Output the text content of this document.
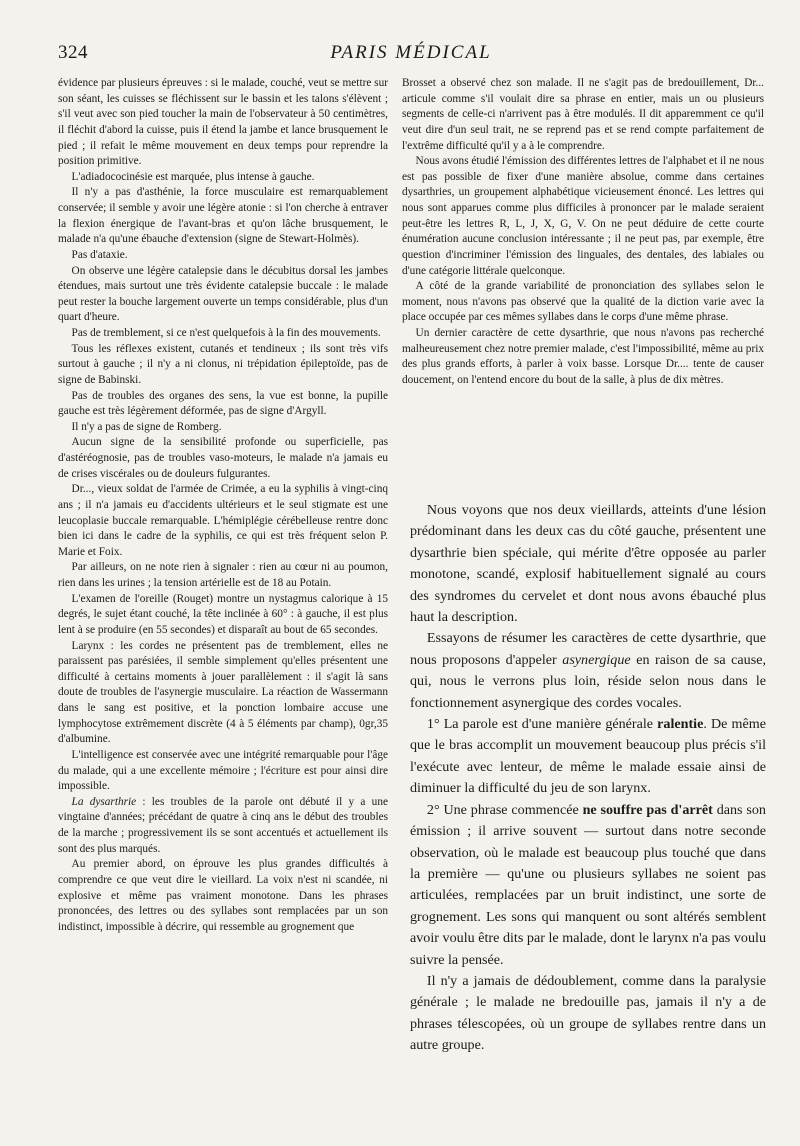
324	PARIS MÉDICAL

évidence par plusieurs épreuves : si le malade, couché, veut se mettre sur son séant, les cuisses se fléchissent sur le bassin et les talons s'élèvent ; s'il veut avec son pied toucher la main de l'observateur à 50 centimètres, il fléchit d'abord la cuisse, puis il étend la jambe et lance brusquement le pied ; il refait le même mouvement en deux temps pour reprendre la position primitive.

L'adiadococinésie est marquée, plus intense à gauche.

Il n'y a pas d'asthénie, la force musculaire est remarquablement conservée; il semble y avoir une légère atonie : si l'on cherche à entraver la flexion énergique de l'avant-bras et qu'on lâche brusquement, le malade n'a qu'une ébauche d'extension (signe de Stewart-Holmès).

Pas d'ataxie.

On observe une légère catalepsie dans le décubitus dorsal les jambes étendues, mais surtout une très évidente catalepsie buccale : le malade peut rester la bouche largement ouverte un temps considérable, plus d'un quart d'heure.

Pas de tremblement, si ce n'est quelquefois à la fin des mouvements.

Tous les réflexes existent, cutanés et tendineux ; ils sont très vifs surtout à gauche ; il n'y a ni clonus, ni trépidation épileptoïde, pas de signe de Babinski.

Pas de troubles des organes des sens, la vue est bonne, la pupille gauche est très légèrement déformée, pas de signe d'Argyll.

Il n'y a pas de signe de Romberg.

Aucun signe de la sensibilité profonde ou superficielle, pas d'astéréognosie, pas de troubles vaso-moteurs, le malade n'a jamais eu de crises viscérales ou de douleurs fulgurantes.

Dr..., vieux soldat de l'armée de Crimée, a eu la syphilis à vingt-cinq ans ; il n'a jamais eu d'accidents ultérieurs et le seul stigmate est une leucoplasie buccale remarquable. L'hémiplégie cérébelleuse rentre donc bien ici dans le cadre de la syphilis, ce qui est très fréquent selon P. Marie et Foix.

Par ailleurs, on ne note rien à signaler : rien au cœur ni au poumon, rien dans les urines ; la tension artérielle est de 18 au Potain.

L'examen de l'oreille (Rouget) montre un nystagmus calorique à 15 degrés, le sujet étant couché, la tête inclinée à 60° : à gauche, il est plus lent à se produire (en 55 secondes) et disparaît au bout de 65 secondes.

Larynx : les cordes ne présentent pas de tremblement, elles ne paraissent pas parésiées, il semble simplement qu'elles présentent une difficulté à certains moments à jouer parallèlement : il s'agit là sans doute de troubles de l'asynergie musculaire. La réaction de Wassermann dans le sang est positive, et la ponction lombaire accuse une lymphocytose extrêmement discrète (4 à 5 éléments par champ), 0gr,35 d'albumine.

L'intelligence est conservée avec une intégrité remarquable pour l'âge du malade, qui a une excellente mémoire ; l'écriture est pour ainsi dire impossible.

La dysarthrie : les troubles de la parole ont débuté il y a une vingtaine d'années; précédant de quatre à cinq ans le début des troubles de la marche ; progressivement ils se sont accentués et actuellement ils sont des plus marqués.

Au premier abord, on éprouve les plus grandes difficultés à comprendre ce que veut dire le vieillard. La voix n'est ni scandée, ni explosive et même pas vraiment monotone. Dans les phrases prononcées, des lettres ou des syllabes sont remplacées par un son indistinct, impossible à décrire, qui ressemble au grognement que

Brosset a observé chez son malade. Il ne s'agit pas de bredouillement, Dr... articule comme s'il voulait dire sa phrase en entier, mais un ou plusieurs segments de celle-ci n'arrivent pas à être modulés. Il dit apparemment ce qu'il veut dire d'un seul trait, ne se reprend pas et se rend compte parfaitement de l'extrême difficulté qu'il y a à le comprendre.

Nous avons étudié l'émission des différentes lettres de l'alphabet et il ne nous est pas possible de fixer d'une manière absolue, comme dans certaines dysarthries, un groupement alphabétique vicieusement énoncé. Les lettres qui nous sont apparues comme plus difficiles à prononcer par le malade seraient peut-être les lettres R, L, J, X, G, V. On ne peut déduire de cette courte énumération aucune conclusion intéressante ; il ne peut pas, par exemple, être question d'incriminer l'émission des linguales, des dentales, des labiales ou d'une catégorie littérale quelconque.

A côté de la grande variabilité de prononciation des syllabes selon le moment, nous n'avons pas observé que la qualité de la diction varie avec la place occupée par ces mêmes syllabes dans le corps d'une même phrase.

Un dernier caractère de cette dysarthrie, que nous n'avons pas recherché malheureusement chez notre premier malade, c'est l'impossibilité, même au prix des plus grands efforts, à parler à voix basse. Lorsque Dr.... tente de causer doucement, on l'entend encore du bout de la salle, à plus de dix mètres.

Nous voyons que nos deux vieillards, atteints d'une lésion prédominant dans les deux cas du côté gauche, présentent une dysarthrie bien spéciale, qui mérite d'être opposée au parler monotone, scandé, explosif habituellement signalé au cours des syndromes du cervelet et dont nous avons ébauché plus haut la description.

Essayons de résumer les caractères de cette dysarthrie, que nous proposons d'appeler asynergique en raison de sa cause, qui, nous le verrons plus loin, réside selon nous dans le fonctionnement asynergique des cordes vocales.

1° La parole est d'une manière générale ralentie. De même que le bras accomplit un mouvement beaucoup plus précis s'il l'exécute avec lenteur, de même le malade essaie ainsi de diminuer la difficulté du jeu de son larynx.

2° Une phrase commencée ne souffre pas d'arrêt dans son émission ; il arrive souvent — surtout dans notre seconde observation, où le malade est beaucoup plus touché que dans la première — qu'une ou plusieurs syllabes ne soient pas articulées, remplacées par un bruit indistinct, une sorte de grognement. Les sons qui manquent ou sont altérés semblent avoir voulu être dits par le malade, dont le larynx n'a pas voulu suivre la pensée.

Il n'y a jamais de dédoublement, comme dans la paralysie générale ; le malade ne bredouille pas, jamais il n'y a de phrases télescopées, où un groupe de syllabes rentre dans un autre groupe.
